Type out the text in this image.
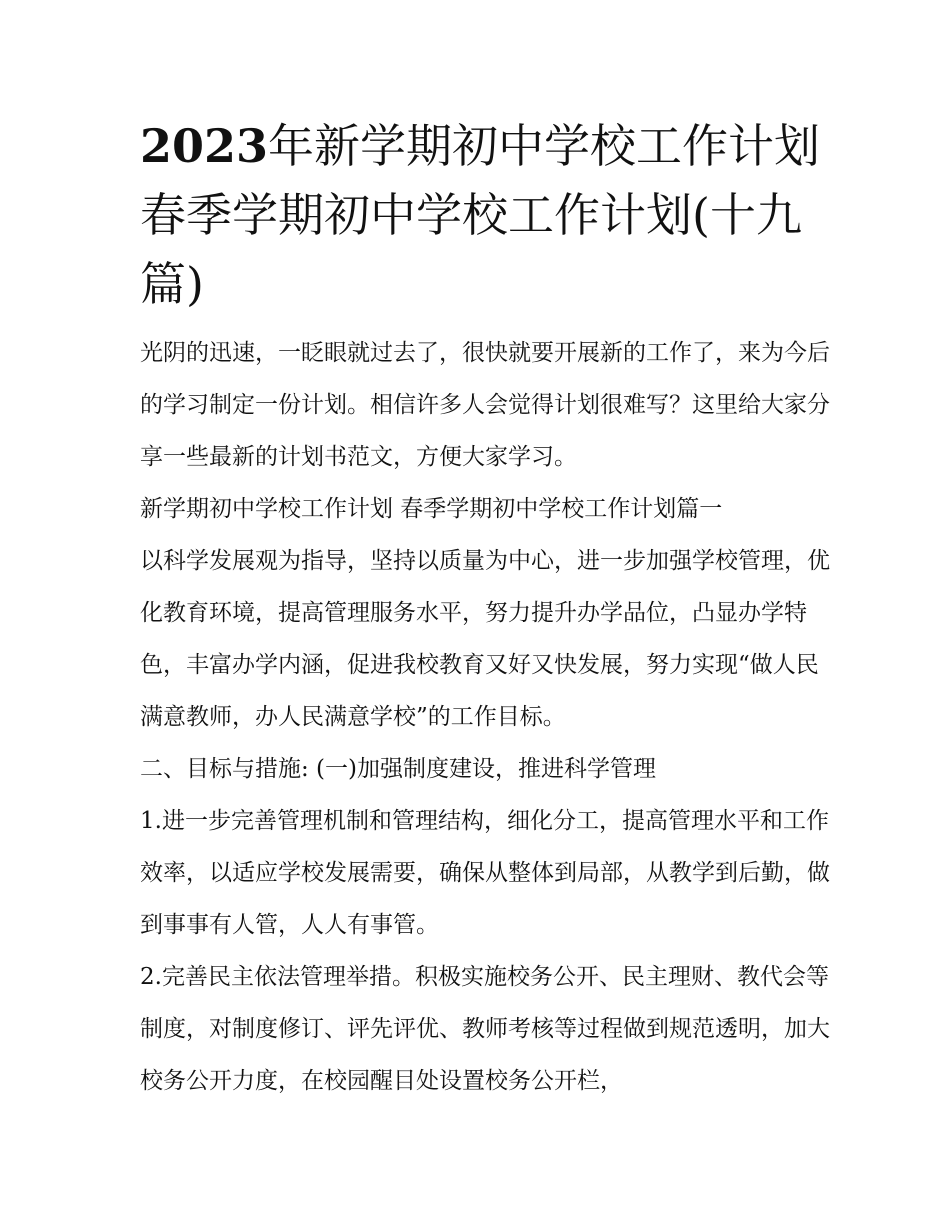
2023年新学期初中学校工作计划 春季学期初中学校工作计划(十九篇)

光阴的迅速，一眨眼就过去了，很快就要开展新的工作了，来为今后的学习制定一份计划。相信许多人会觉得计划很难写？这里给大家分享一些最新的计划书范文，方便大家学习。

新学期初中学校工作计划 春季学期初中学校工作计划篇一

以科学发展观为指导，坚持以质量为中心，进一步加强学校管理，优化教育环境，提高管理服务水平，努力提升办学品位，凸显办学特色，丰富办学内涵，促进我校教育又好又快发展，努力实现“做人民满意教师，办人民满意学校”的工作目标。

二、目标与措施: (一)加强制度建设，推进科学管理

1.进一步完善管理机制和管理结构，细化分工，提高管理水平和工作效率，以适应学校发展需要，确保从整体到局部，从教学到后勤，做到事事有人管，人人有事管。

2.完善民主依法管理举措。积极实施校务公开、民主理财、教代会等制度，对制度修订、评先评优、教师考核等过程做到规范透明，加大校务公开力度，在校园醒目处设置校务公开栏，
